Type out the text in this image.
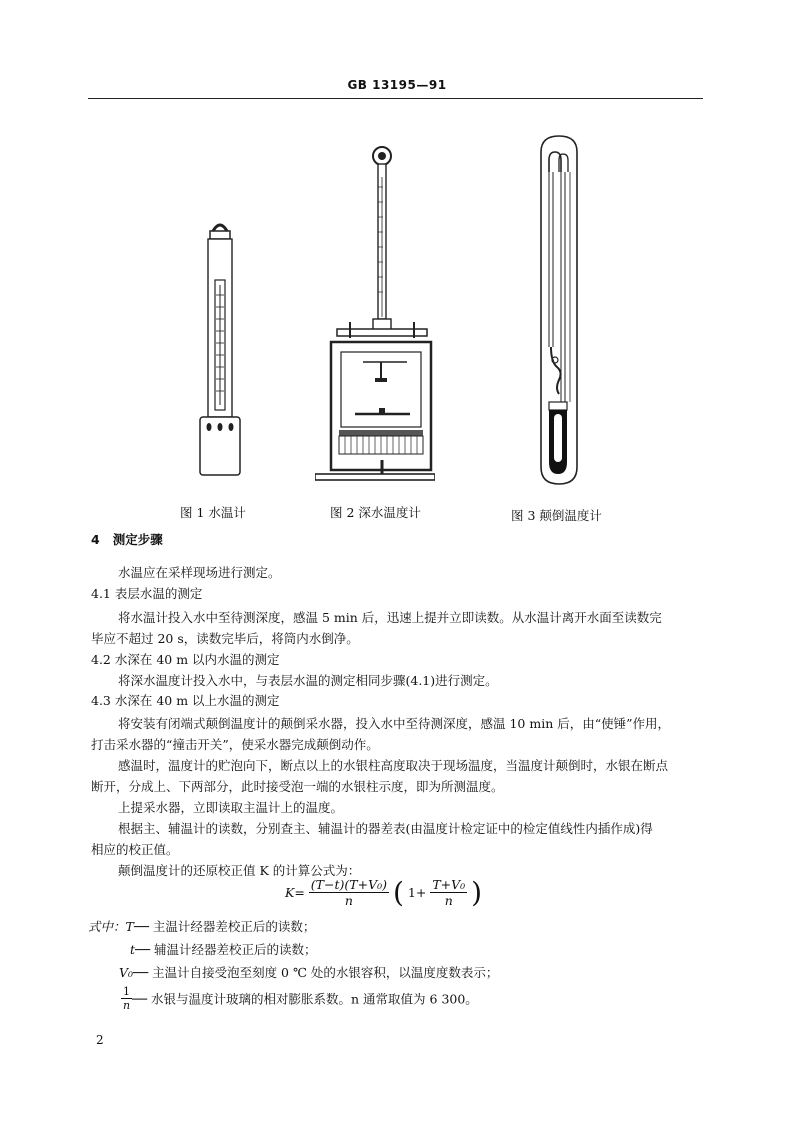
GB 13195—91
图 1 水温计	图 2 深水温度计	图 3 颠倒温度计
4 测定步骤
水温应在采样现场进行测定。
4.1 表层水温的测定
将水温计投入水中至待测深度，感温 5 min 后，迅速上提并立即读数。从水温计离开水面至读数完
毕应不超过 20 s，读数完毕后，将筒内水倒净。
4.2 水深在 40 m 以内水温的测定
将深水温度计投入水中，与表层水温的测定相同步骤(4.1)进行测定。
4.3 水深在 40 m 以上水温的测定
将安装有闭端式颠倒温度计的颠倒采水器，投入水中至待测深度，感温 10 min 后，由“使锤”作用，
打击采水器的“撞击开关”，使采水器完成颠倒动作。
感温时，温度计的贮泡向下，断点以上的水银柱高度取决于现场温度，当温度计颠倒时，水银在断点
断开，分成上、下两部分，此时接受泡一端的水银柱示度，即为所测温度。
上提采水器，立即读取主温计上的温度。
根据主、辅温计的读数，分别查主、辅温计的器差表(由温度计检定证中的检定值线性内插作成)得
相应的校正值。
颠倒温度计的还原校正值 K 的计算公式为：
$K= \frac{\text{(T−t)(T+V₀)}}{n}$ ( $1+ \frac{\text{T+V₀}}{n}$ )
式中：T── 主温计经器差校正后的读数；
t── 辅温计经器差校正后的读数；
V₀── 主温计自接受泡至刻度 0 ℃ 处的水银容积，以温度度数表示；
$\frac{1}{n}$ ── 水银与温度计玻璃的相对膨胀系数。n 通常取值为 6 300。
2
